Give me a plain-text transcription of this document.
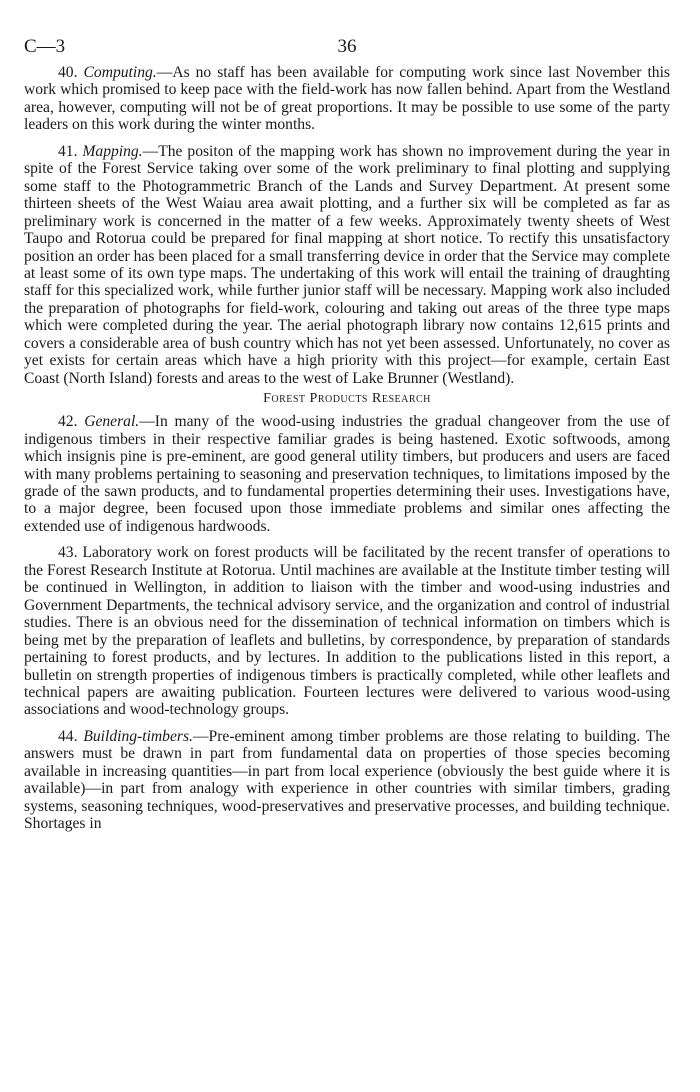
C—3	36

40. Computing.—As no staff has been available for computing work since last November this work which promised to keep pace with the field-work has now fallen behind. Apart from the Westland area, however, computing will not be of great proportions. It may be possible to use some of the party leaders on this work during the winter months.

41. Mapping.—The positon of the mapping work has shown no improvement during the year in spite of the Forest Service taking over some of the work preliminary to final plotting and supplying some staff to the Photogrammetric Branch of the Lands and Survey Department. At present some thirteen sheets of the West Waiau area await plotting, and a further six will be completed as far as preliminary work is concerned in the matter of a few weeks. Approximately twenty sheets of West Taupo and Rotorua could be prepared for final mapping at short notice. To rectify this unsatisfactory position an order has been placed for a small transferring device in order that the Service may complete at least some of its own type maps. The undertaking of this work will entail the training of draughting staff for this specialized work, while further junior staff will be necessary. Mapping work also included the preparation of photographs for field-work, colouring and taking out areas of the three type maps which were completed during the year. The aerial photograph library now contains 12,615 prints and covers a considerable area of bush country which has not yet been assessed. Unfortunately, no cover as yet exists for certain areas which have a high priority with this project—for example, certain East Coast (North Island) forests and areas to the west of Lake Brunner (Westland).

Forest Products Research

42. General.—In many of the wood-using industries the gradual changeover from the use of indigenous timbers in their respective familiar grades is being hastened. Exotic softwoods, among which insignis pine is pre-eminent, are good general utility timbers, but producers and users are faced with many problems pertaining to seasoning and preservation techniques, to limitations imposed by the grade of the sawn products, and to fundamental properties determining their uses. Investigations have, to a major degree, been focused upon those immediate problems and similar ones affecting the extended use of indigenous hardwoods.

43. Laboratory work on forest products will be facilitated by the recent transfer of operations to the Forest Research Institute at Rotorua. Until machines are available at the Institute timber testing will be continued in Wellington, in addition to liaison with the timber and wood-using industries and Government Departments, the technical advisory service, and the organization and control of industrial studies. There is an obvious need for the dissemination of technical information on timbers which is being met by the preparation of leaflets and bulletins, by correspondence, by preparation of standards pertaining to forest products, and by lectures. In addition to the publications listed in this report, a bulletin on strength properties of indigenous timbers is practically completed, while other leaflets and technical papers are awaiting publication. Fourteen lectures were delivered to various wood-using associations and wood-technology groups.

44. Building-timbers.—Pre-eminent among timber problems are those relating to building. The answers must be drawn in part from fundamental data on properties of those species becoming available in increasing quantities—in part from local experience (obviously the best guide where it is available)—in part from analogy with experience in other countries with similar timbers, grading systems, seasoning techniques, wood-preservatives and preservative processes, and building technique. Shortages in
